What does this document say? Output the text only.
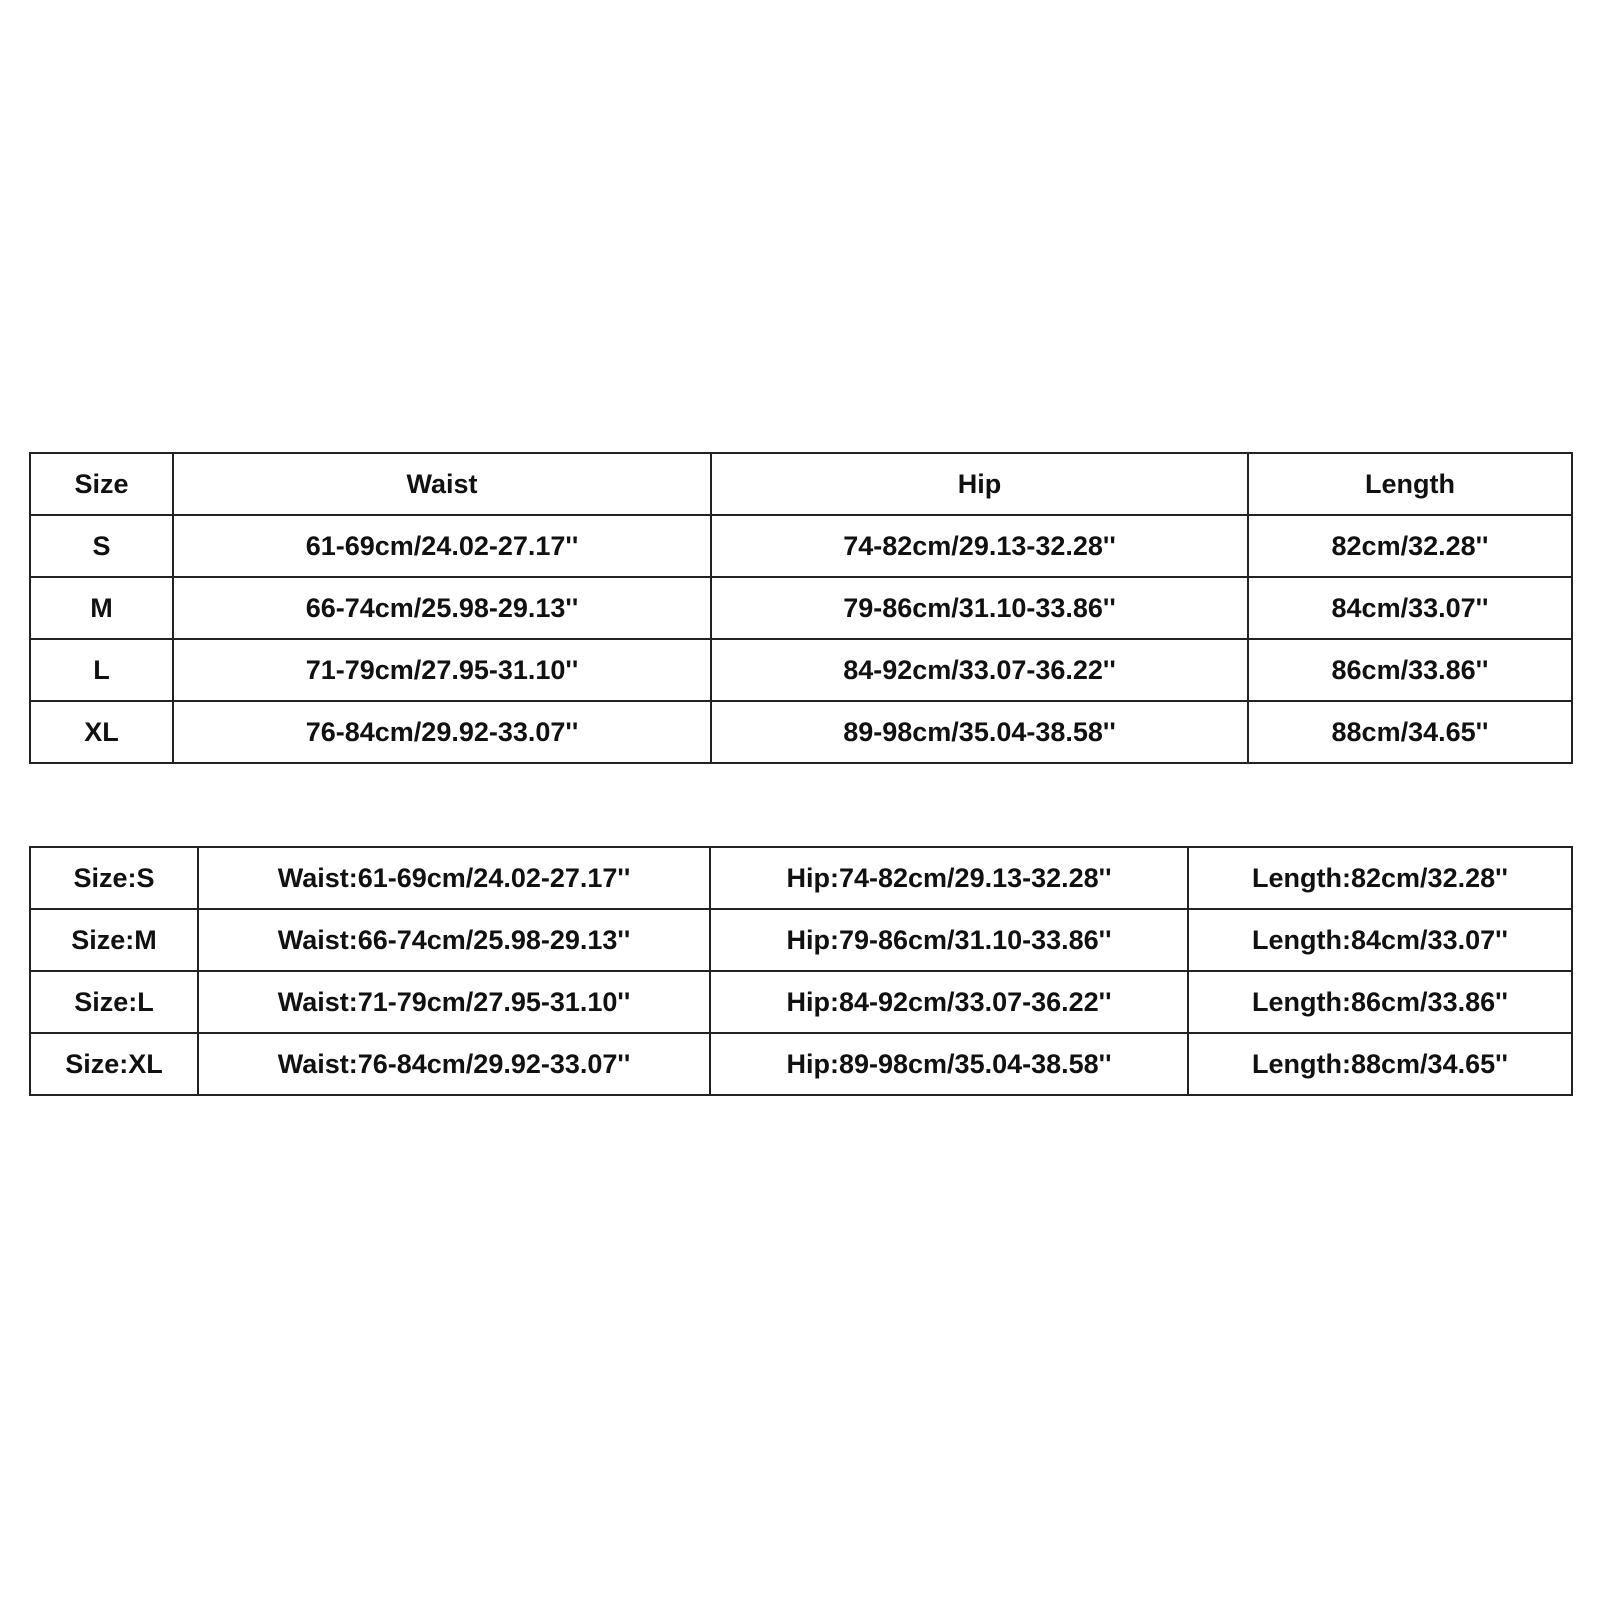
Size	Waist	Hip	Length
S	61-69cm/24.02-27.17''	74-82cm/29.13-32.28''	82cm/32.28''
M	66-74cm/25.98-29.13''	79-86cm/31.10-33.86''	84cm/33.07''
L	71-79cm/27.95-31.10''	84-92cm/33.07-36.22''	86cm/33.86''
XL	76-84cm/29.92-33.07''	89-98cm/35.04-38.58''	88cm/34.65''
Size:S	Waist:61-69cm/24.02-27.17''	Hip:74-82cm/29.13-32.28''	Length:82cm/32.28''
Size:M	Waist:66-74cm/25.98-29.13''	Hip:79-86cm/31.10-33.86''	Length:84cm/33.07''
Size:L	Waist:71-79cm/27.95-31.10''	Hip:84-92cm/33.07-36.22''	Length:86cm/33.86''
Size:XL	Waist:76-84cm/29.92-33.07''	Hip:89-98cm/35.04-38.58''	Length:88cm/34.65''
